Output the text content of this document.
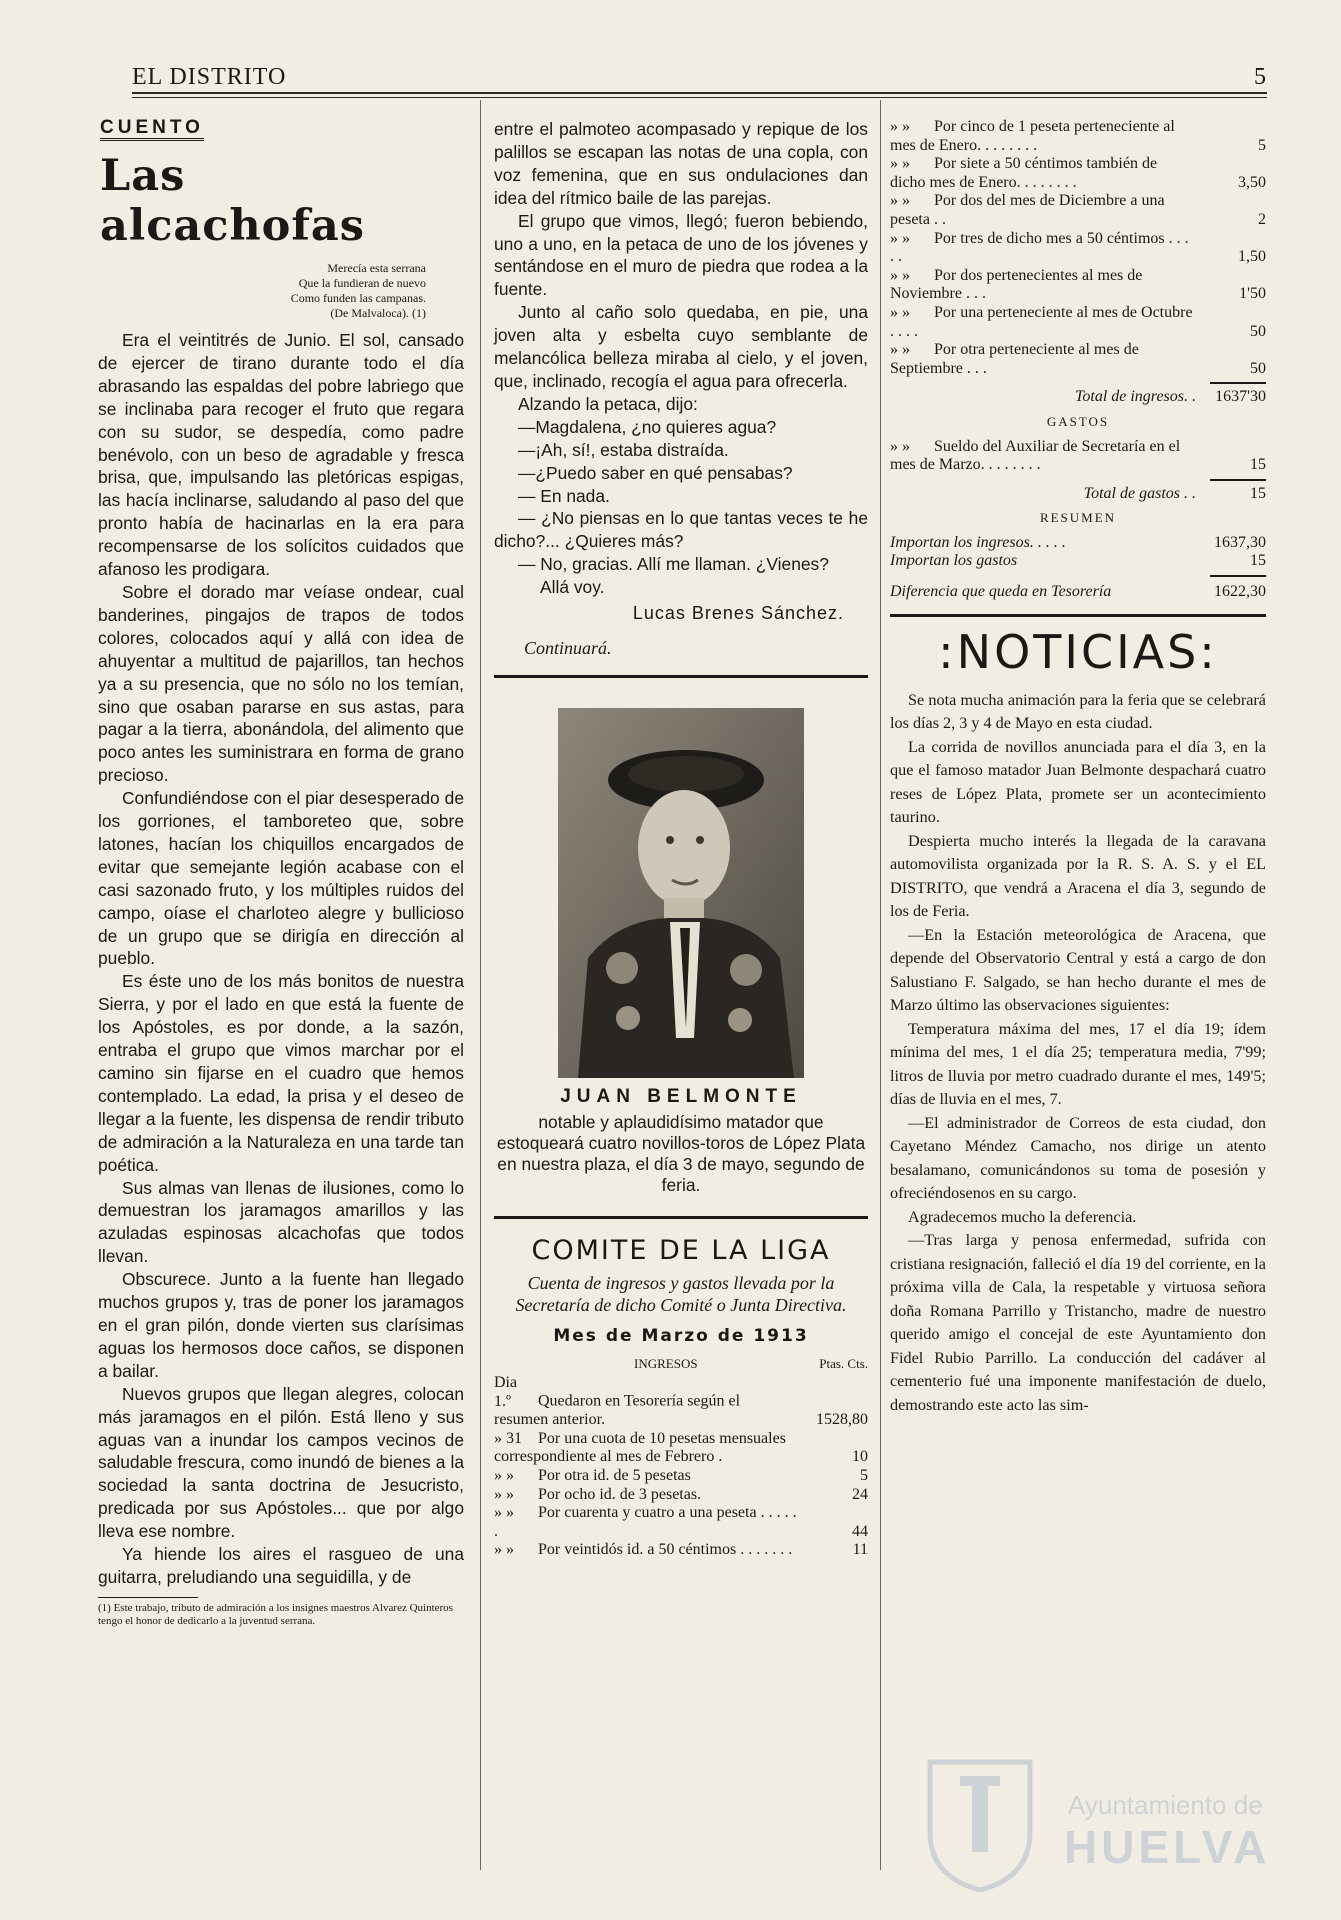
EL DISTRITO	5
CUENTO
Las alcachofas
Merecía esta serrana
Que la fundieran de nuevo
Como funden las campanas.
(De Malvaloca). (1)

Era el veintitrés de Junio. El sol, cansado de ejercer de tirano durante todo el día abrasando las espaldas del pobre labriego que se inclinaba para recoger el fruto que regara con su sudor, se despedía, como padre benévolo, con un beso de agradable y fresca brisa, que, impulsando las pletóricas espigas, las hacía inclinarse, saludando al paso del que pronto había de hacinarlas en la era para recompensarse de los solícitos cuidados que afanoso les prodigara.

Sobre el dorado mar veíase ondear, cual banderines, pingajos de trapos de todos colores, colocados aquí y allá con idea de ahuyentar a multitud de pajarillos, tan hechos ya a su presencia, que no sólo no los temían, sino que osaban pararse en sus astas, para pagar a la tierra, abonándola, del alimento que poco antes les suministrara en forma de grano precioso.

Confundiéndose con el piar desesperado de los gorriones, el tamboreteo que, sobre latones, hacían los chiquillos encargados de evitar que semejante legión acabase con el casi sazonado fruto, y los múltiples ruidos del campo, oíase el charloteo alegre y bullicioso de un grupo que se dirigía en dirección al pueblo.

Es éste uno de los más bonitos de nuestra Sierra, y por el lado en que está la fuente de los Apóstoles, es por donde, a la sazón, entraba el grupo que vimos marchar por el camino sin fijarse en el cuadro que hemos contemplado. La edad, la prisa y el deseo de llegar a la fuente, les dispensa de rendir tributo de admiración a la Naturaleza en una tarde tan poética.

Sus almas van llenas de ilusiones, como lo demuestran los jaramagos amarillos y las azuladas espinosas alcachofas que todos llevan.

Obscurece. Junto a la fuente han llegado muchos grupos y, tras de poner los jaramagos en el gran pilón, donde vierten sus clarísimas aguas los hermosos doce caños, se disponen a bailar.

Nuevos grupos que llegan alegres, colocan más jaramagos en el pilón. Está lleno y sus aguas van a inundar los campos vecinos de saludable frescura, como inundó de bienes a la sociedad la santa doctrina de Jesucristo, predicada por sus Apóstoles... que por algo lleva ese nombre.

Ya hiende los aires el rasgueo de una guitarra, preludiando una seguidilla, y de

(1) Este trabajo, tributo de admiración a los insignes maestros Alvarez Quinteros tengo el honor de dedicarlo a la juventud serrana.

entre el palmoteo acompasado y repique de los palillos se escapan las notas de una copla, con voz femenina, que en sus ondulaciones dan idea del rítmico baile de las parejas.

El grupo que vimos, llegó; fueron bebiendo, uno a uno, en la petaca de uno de los jóvenes y sentándose en el muro de piedra que rodea a la fuente.

Junto al caño solo quedaba, en pie, una joven alta y esbelta cuyo semblante de melancólica belleza miraba al cielo, y el joven, que, inclinado, recogía el agua para ofrecerla.

Alzando la petaca, dijo:

—Magdalena, ¿no quieres agua?

—¡Ah, sí!, estaba distraída.

—¿Puedo saber en qué pensabas?

— En nada.

— ¿No piensas en lo que tantas veces te he dicho?... ¿Quieres más?

— No, gracias. Allí me llaman. ¿Vienes?

Allá voy.

Lucas Brenes Sánchez.
Continuará.
JUAN BELMONTE
notable y aplaudidísimo matador que estoqueará cuatro novillos-toros de López Plata en nuestra plaza, el día 3 de mayo, segundo de feria.
COMITE DE LA LIGA
Cuenta de ingresos y gastos llevada por la Secretaría de dicho Comité o Junta Directiva.
Mes de Marzo de 1913
INGRESOS	Ptas. Cts.
Dia 1.º Quedaron en Tesorería según el resumen anterior.	1528,80
» 31 Por una cuota de 10 pesetas mensuales correspondiente al mes de Febrero .	10
» » Por otra id. de 5 pesetas	5
» » Por ocho id. de 3 pesetas.	24
» » Por cuarenta y cuatro a una peseta . . . . . .	44
» » Por veintidós id. a 50 céntimos . . . . . . .	11
» » Por cinco de 1 peseta perteneciente al mes de Enero. . . . . . . .	5
» » Por siete a 50 céntimos también de dicho mes de Enero. . . . . . . .	3,50
» » Por dos del mes de Diciembre a una peseta . .	2
» » Por tres de dicho mes a 50 céntimos . . . . .	1,50
» » Por dos pertenecientes al mes de Noviembre . . .	1'50
» » Por una perteneciente al mes de Octubre . . . .	50
» » Por otra perteneciente al mes de Septiembre . . .	50
Total de ingresos. .	1637'30
GASTOS
» » Sueldo del Auxiliar de Secretaría en el mes de Marzo. . . . . . . .	15
Total de gastos . .	15
RESUMEN
Importan los ingresos. . . . .	1637,30
Importan los gastos	15
Diferencia que queda en Tesorería	1622,30
:NOTICIAS:

Se nota mucha animación para la feria que se celebrará los días 2, 3 y 4 de Mayo en esta ciudad.

La corrida de novillos anunciada para el día 3, en la que el famoso matador Juan Belmonte despachará cuatro reses de López Plata, promete ser un acontecimiento taurino.

Despierta mucho interés la llegada de la caravana automovilista organizada por la R. S. A. S. y el EL DISTRITO, que vendrá a Aracena el día 3, segundo de los de Feria.

—En la Estación meteorológica de Aracena, que depende del Observatorio Central y está a cargo de don Salustiano F. Salgado, se han hecho durante el mes de Marzo último las observaciones siguientes:

Temperatura máxima del mes, 17 el día 19; ídem mínima del mes, 1 el día 25; temperatura media, 7'99; litros de lluvia por metro cuadrado durante el mes, 149'5; días de lluvia en el mes, 7.

—El administrador de Correos de esta ciudad, don Cayetano Méndez Camacho, nos dirige un atento besalamano, comunicándonos su toma de posesión y ofreciéndosenos en su cargo.

Agradecemos mucho la deferencia.

—Tras larga y penosa enfermedad, sufrida con cristiana resignación, falleció el día 19 del corriente, en la próxima villa de Cala, la respetable y virtuosa señora doña Romana Parrillo y Tristancho, madre de nuestro querido amigo el concejal de este Ayuntamiento don Fidel Rubio Parrillo. La conducción del cadáver al cementerio fué una imponente manifestación de duelo, demostrando este acto las sim-

Ayuntamiento de
HUELVA
